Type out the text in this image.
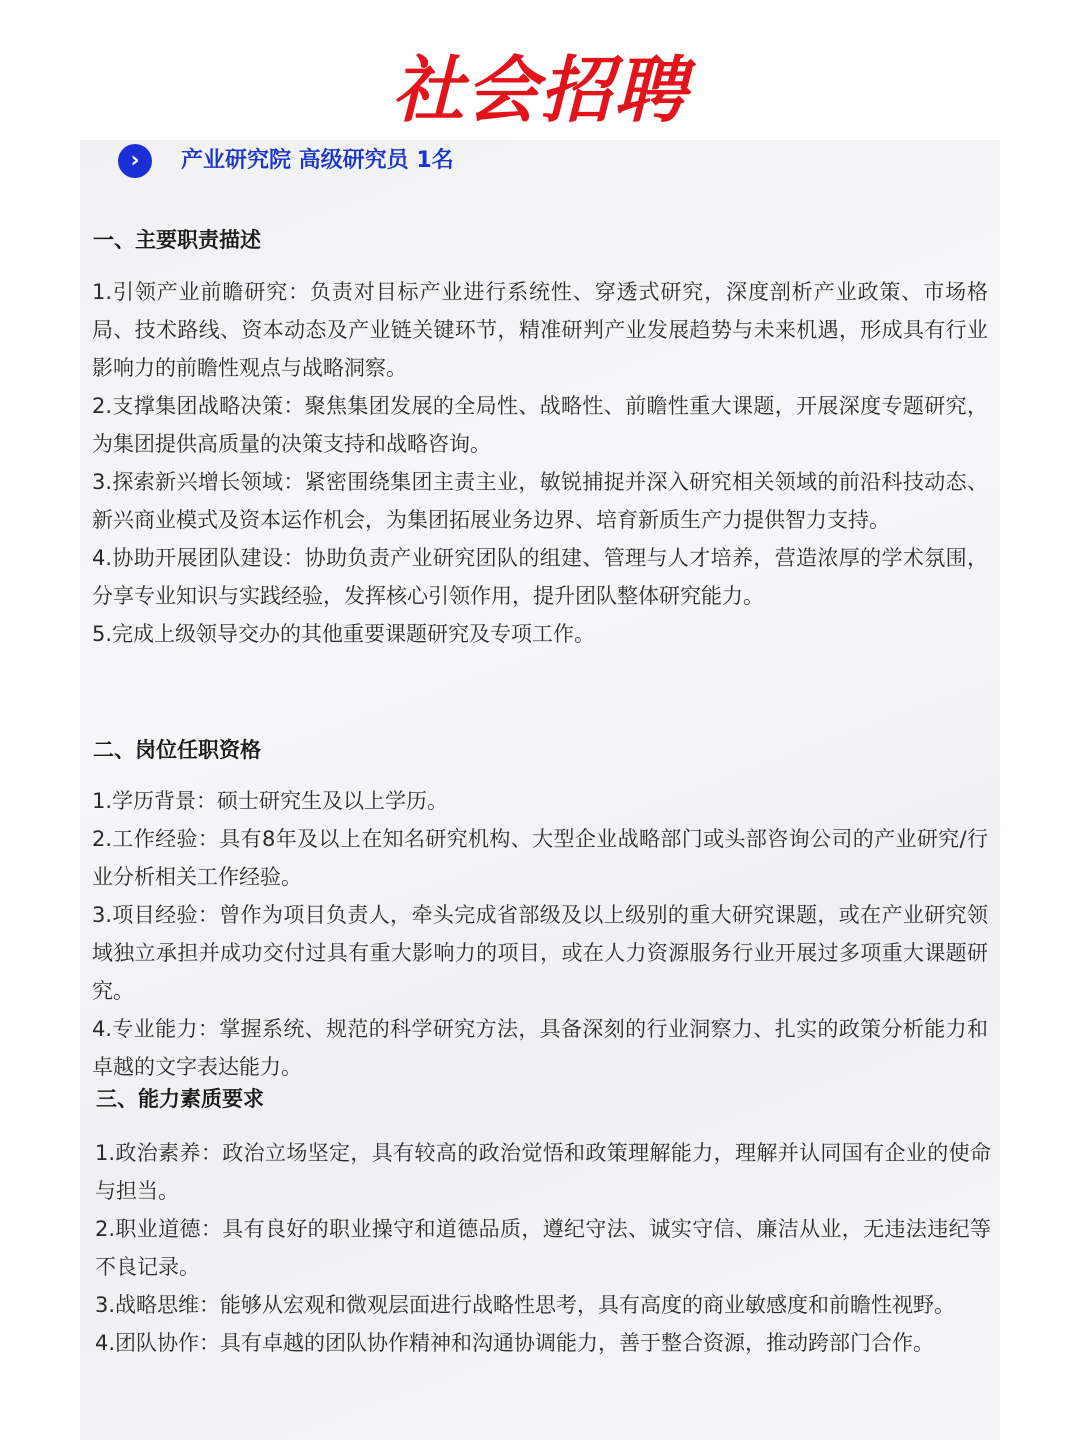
社会招聘
›	产业研究院 高级研究员 1名
一、主要职责描述
1.引领产业前瞻研究：负责对目标产业进行系统性、穿透式研究，深度剖析产业政策、市场格局、技术路线、资本动态及产业链关键环节，精准研判产业发展趋势与未来机遇，形成具有行业影响力的前瞻性观点与战略洞察。
2.支撑集团战略决策：聚焦集团发展的全局性、战略性、前瞻性重大课题，开展深度专题研究，为集团提供高质量的决策支持和战略咨询。
3.探索新兴增长领域：紧密围绕集团主责主业，敏锐捕捉并深入研究相关领域的前沿科技动态、新兴商业模式及资本运作机会，为集团拓展业务边界、培育新质生产力提供智力支持。
4.协助开展团队建设：协助负责产业研究团队的组建、管理与人才培养，营造浓厚的学术氛围，分享专业知识与实践经验，发挥核心引领作用，提升团队整体研究能力。
5.完成上级领导交办的其他重要课题研究及专项工作。
二、岗位任职资格
1.学历背景：硕士研究生及以上学历。
2.工作经验：具有8年及以上在知名研究机构、大型企业战略部门或头部咨询公司的产业研究/行业分析相关工作经验。
3.项目经验：曾作为项目负责人，牵头完成省部级及以上级别的重大研究课题，或在产业研究领域独立承担并成功交付过具有重大影响力的项目，或在人力资源服务行业开展过多项重大课题研究。
4.专业能力：掌握系统、规范的科学研究方法，具备深刻的行业洞察力、扎实的政策分析能力和卓越的文字表达能力。
三、能力素质要求
1.政治素养：政治立场坚定，具有较高的政治觉悟和政策理解能力，理解并认同国有企业的使命与担当。
2.职业道德：具有良好的职业操守和道德品质，遵纪守法、诚实守信、廉洁从业，无违法违纪等不良记录。
3.战略思维：能够从宏观和微观层面进行战略性思考，具有高度的商业敏感度和前瞻性视野。
4.团队协作：具有卓越的团队协作精神和沟通协调能力，善于整合资源，推动跨部门合作。
